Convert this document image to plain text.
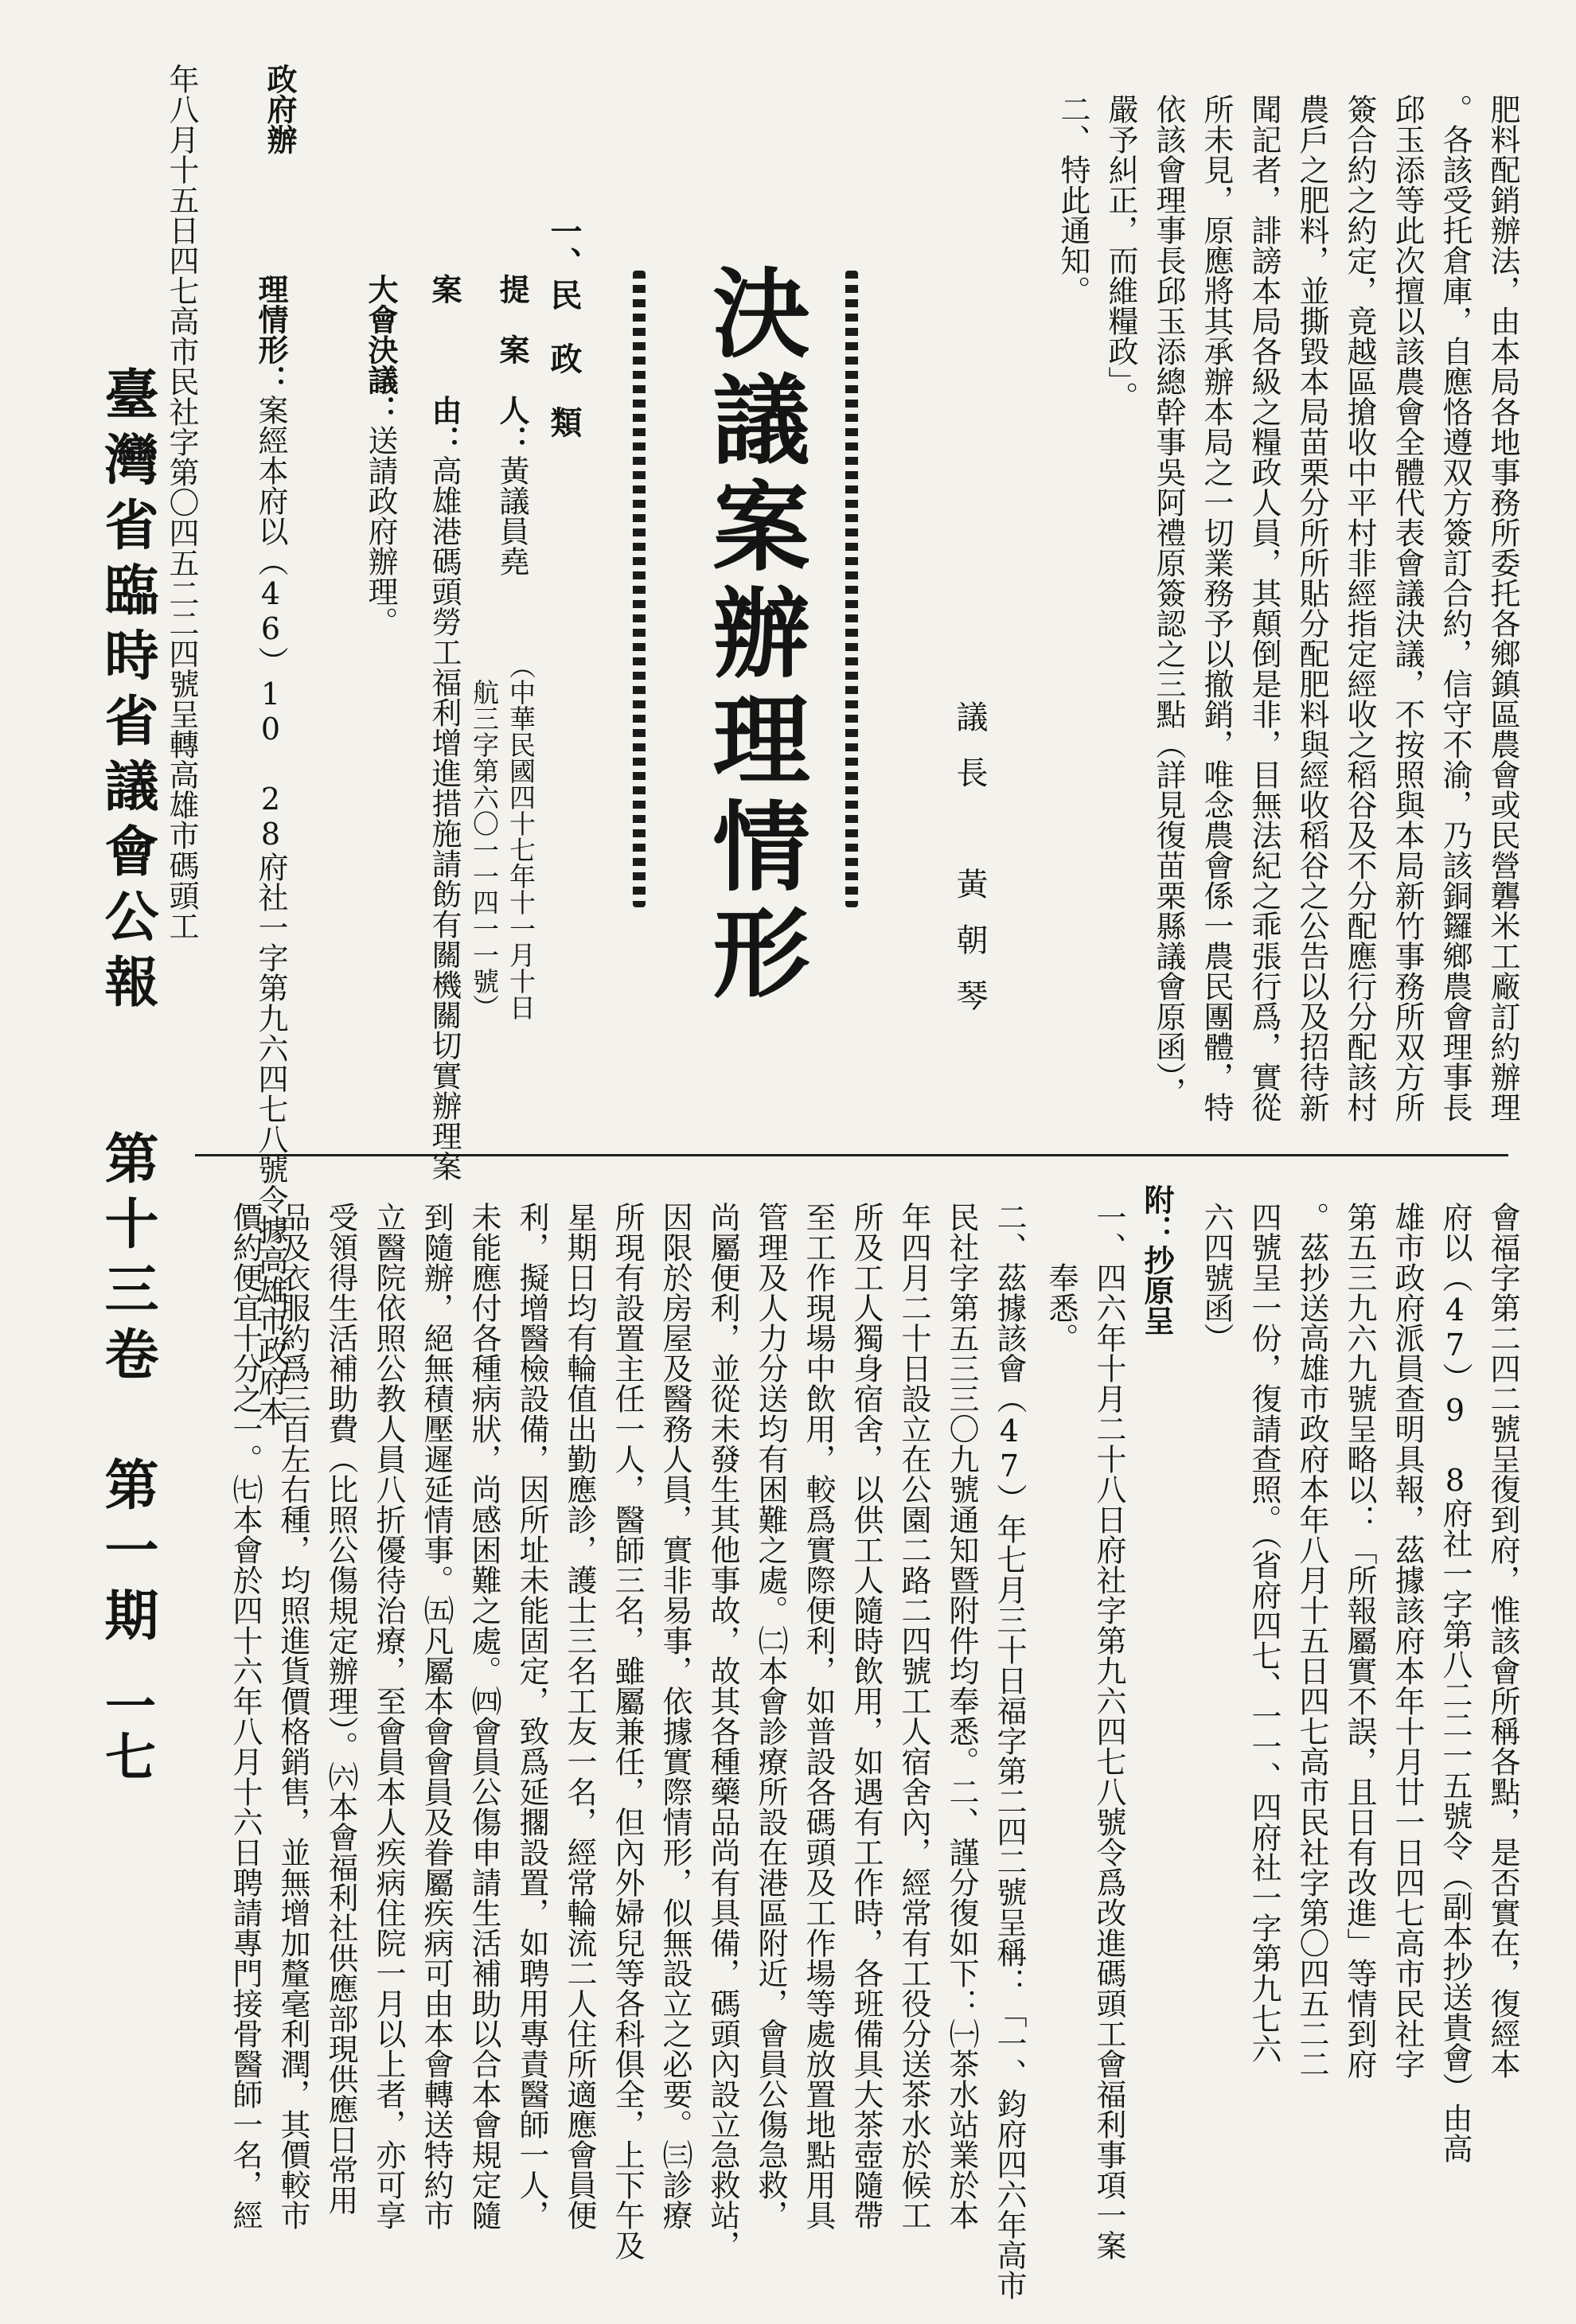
臺灣省臨時省議會公報
第十三卷　第一期
一七
肥料配銷辦法，由本局各地事務所委托各鄉鎮區農會或民營礱米工廠訂約辦理
。各該受托倉庫，自應恪遵双方簽訂合約，信守不渝，乃該銅鑼鄉農會理事長
邱玉添等此次擅以該農會全體代表會議決議，不按照與本局新竹事務所双方所
簽合約之約定，竟越區搶收中平村非經指定經收之稻谷及不分配應行分配該村
農戶之肥料，並撕毀本局苗栗分所所貼分配肥料與經收稻谷之公告以及招待新
聞記者，誹謗本局各級之糧政人員，其顛倒是非，目無法紀之乖張行爲，實從
所未見，原應將其承辦本局之一切業務予以撤銷，唯念農會係一農民團體，特
依該會理事長邱玉添總幹事吳阿禮原簽認之三點（詳見復苗栗縣議會原函），
嚴予糾正，而維糧政」。
二、特此通知。
議長　黃朝琴
決議案辦理情形
（中華民國四十七年十一月十日
　航三字第六〇一一四一一號）
一、民　政　類

提　案　人：黃議員堯

案　　　由：高雄港碼頭勞工福利增進措施請飭有關機關切實辦理案

大會決議：送請政府辦理。

政府辦

理情形：案經本府以（46）10 28府社一字第九六四七八號令據高雄市政府本

年八月十五日四七高市民社字第〇四五二二四號呈轉高雄市碼頭工
會福字第二四二號呈復到府，惟該會所稱各點，是否實在，復經本
府以（47）9 8府社一字第八二二一五號令（副本抄送貴會）由高
雄市政府派員查明具報，茲據該府本年十月廿一日四七高市民社字
第五三九六九號呈略以：「所報屬實不誤，且日有改進」等情到府
。茲抄送高雄市政府本年八月十五日四七高市民社字第〇四五二二
四號呈一份，復請查照。（省府四七、一一、四府社一字第九七六
六四號函）
附：抄原呈
一、四六年十月二十八日府社字第九六四七八號令爲改進碼頭工會福利事項一案
　　奉悉。
二、茲據該會（47）年七月三十日福字第二四二號呈稱：「一、鈞府四六年高市
民社字第五三三〇九號通知暨附件均奉悉。二、謹分復如下：㈠茶水站業於本
年四月二十日設立在公園二路二四號工人宿舍內，經常有工役分送茶水於候工
所及工人獨身宿舍，以供工人隨時飲用，如遇有工作時，各班備具大茶壺隨帶
至工作現場中飲用，較爲實際便利，如普設各碼頭及工作場等處放置地點用具
管理及人力分送均有困難之處。㈡本會診療所設在港區附近，會員公傷急救，
尚屬便利，並從未發生其他事故，故其各種藥品尚有具備，碼頭內設立急救站，
因限於房屋及醫務人員，實非易事，依據實際情形，似無設立之必要。㈢診療
所現有設置主任一人，醫師三名，雖屬兼任，但內外婦兒等各科俱全，上下午及
星期日均有輪值出勤應診，護士三名工友一名，經常輪流二人住所適應會員便
利，擬增醫檢設備，因所址未能固定，致爲延擱設置，如聘用專責醫師一人，
未能應付各種病狀，尚感困難之處。㈣會員公傷申請生活補助以合本會規定隨
到隨辦，絕無積壓遲延情事。㈤凡屬本會會員及眷屬疾病可由本會轉送特約市
立醫院依照公教人員八折優待治療，至會員本人疾病住院一月以上者，亦可享
受領得生活補助費（比照公傷規定辦理）。㈥本會福利社供應部現供應日常用
品及衣服約爲三百左右種，均照進貨價格銷售，並無增加釐毫利潤，其價較市
價約便宜十分之一。㈦本會於四十六年八月十六日聘請專門接骨醫師一名，經
